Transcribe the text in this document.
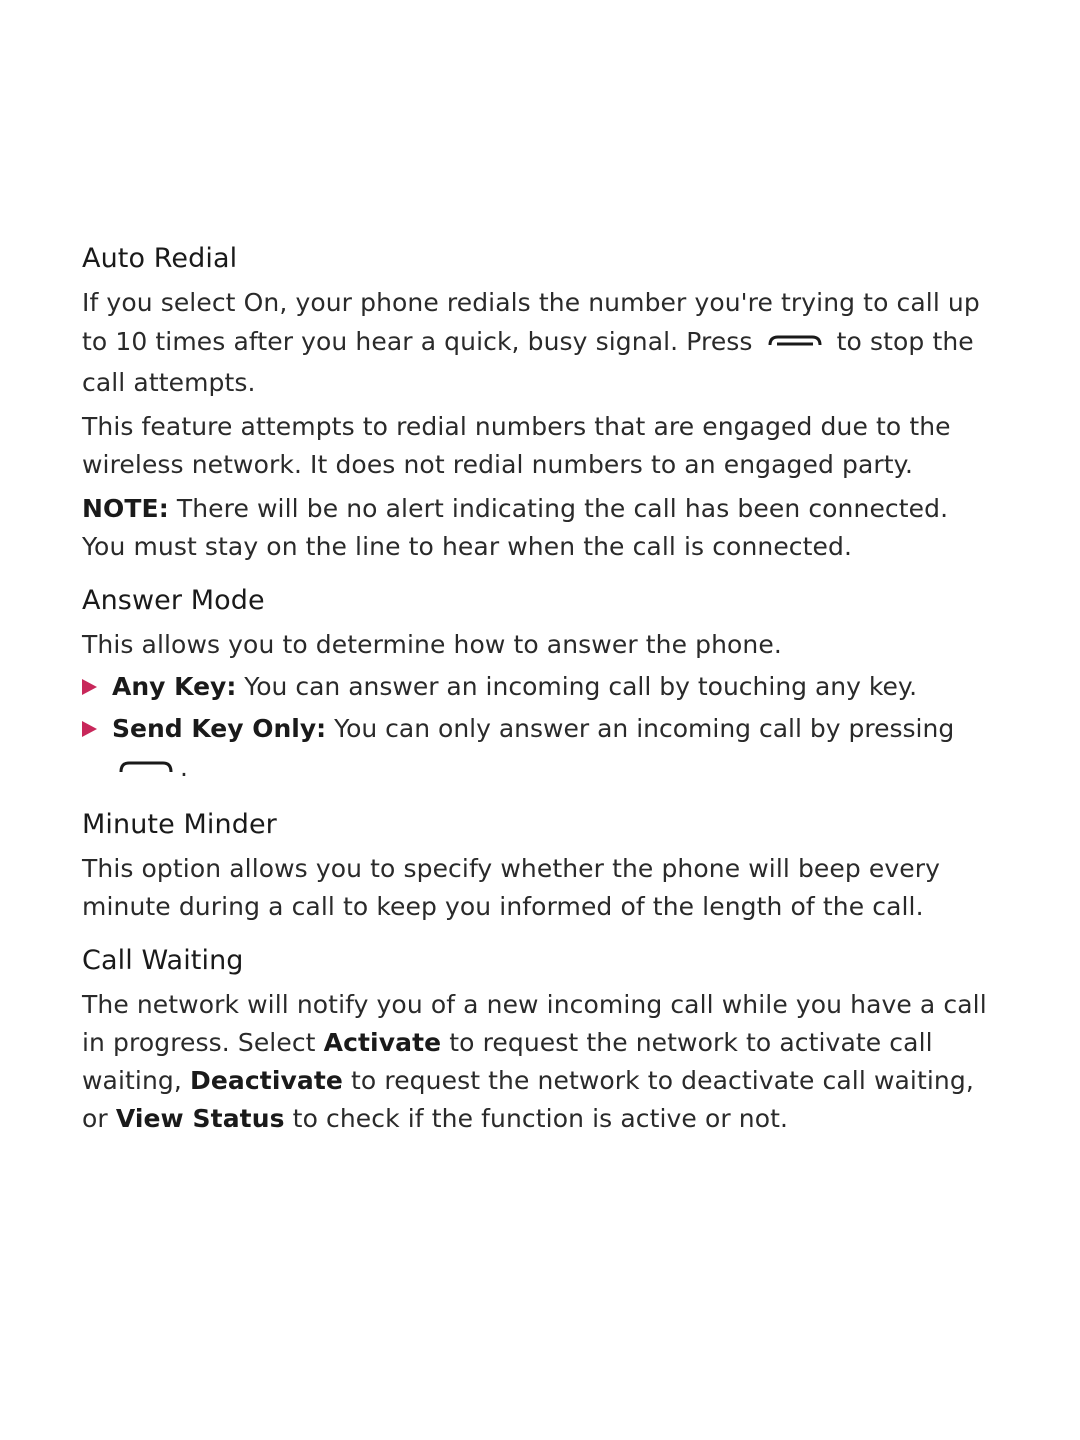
Auto Redial

If you select On, your phone redials the number you're trying to call up to 10 times after you hear a quick, busy signal. Press	to stop the call attempts.

This feature attempts to redial numbers that are engaged due to the wireless network. It does not redial numbers to an engaged party.

NOTE: There will be no alert indicating the call has been connected. You must stay on the line to hear when the call is connected.

Answer Mode

This allows you to determine how to answer the phone.

Any Key: You can answer an incoming call by touching any key.
Send Key Only: You can only answer an incoming call by pressing.
Minute Minder

This option allows you to specify whether the phone will beep every minute during a call to keep you informed of the length of the call.

Call Waiting

The network will notify you of a new incoming call while you have a call in progress. Select Activate to request the network to activate call waiting, Deactivate to request the network to deactivate call waiting, or View Status to check if the function is active or not.
